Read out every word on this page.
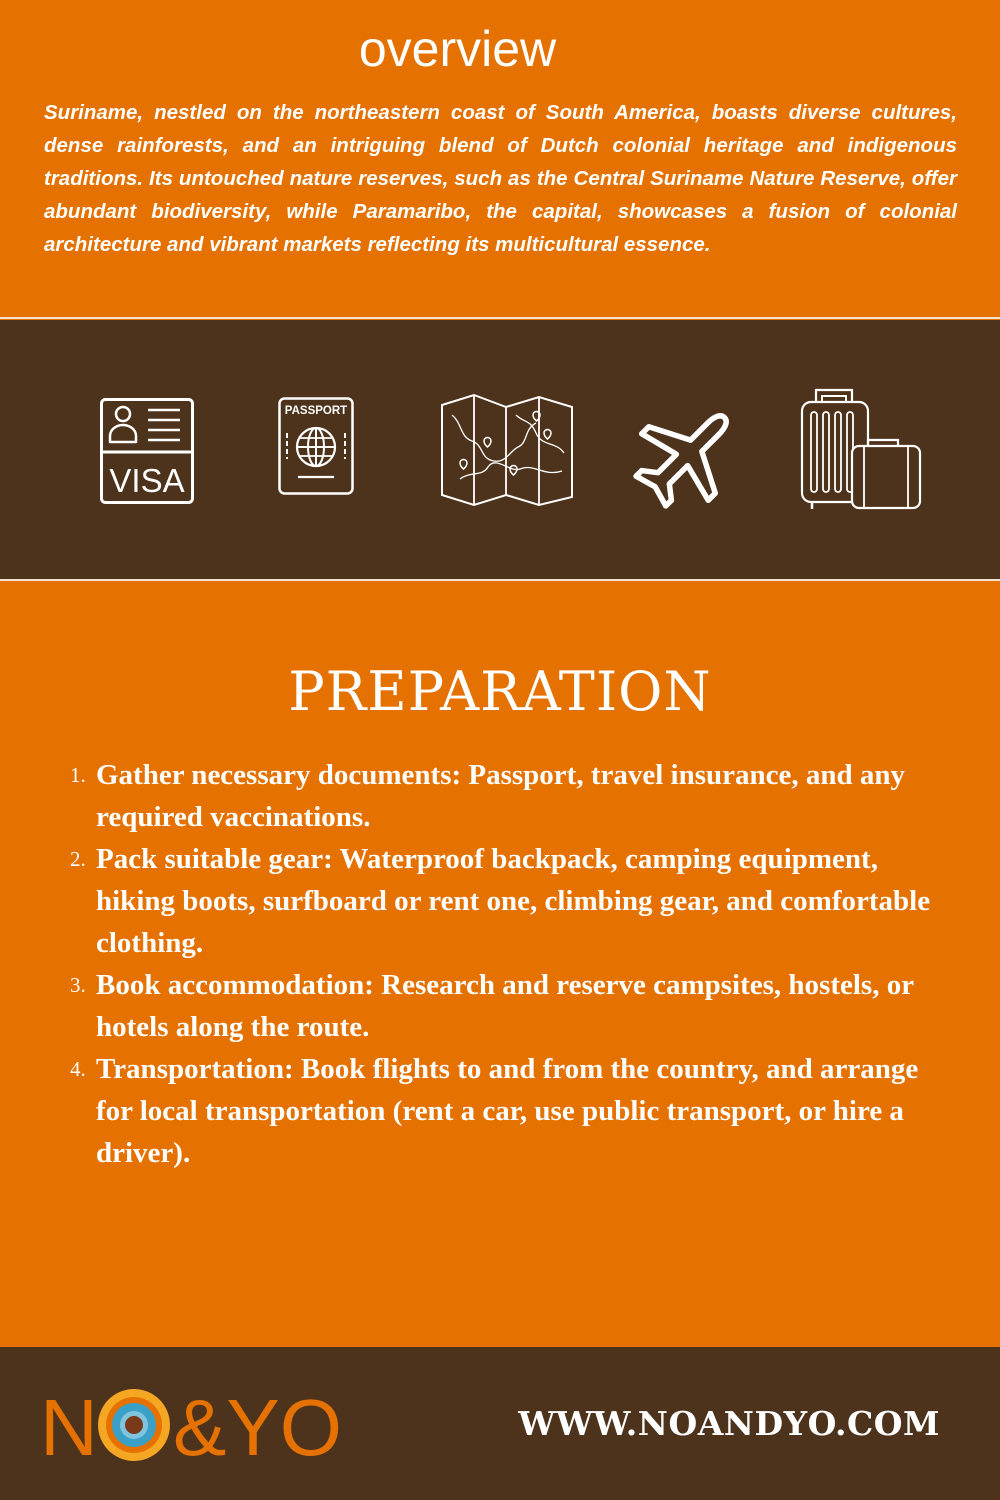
overview

Suriname, nestled on the northeastern coast of South America, boasts diverse cultures, dense rainforests, and an intriguing blend of Dutch colonial heritage and indigenous traditions. Its untouched nature reserves, such as the Central Suriname Nature Reserve, offer abundant biodiversity, while Paramaribo, the capital, showcases a fusion of colonial architecture and vibrant markets reflecting its multicultural essence.

VISA
PASSPORT
PREPARATION
1. Gather necessary documents: Passport, travel insurance, and any required vaccinations.
2. Pack suitable gear: Waterproof backpack, camping equipment, hiking boots, surfboard or rent one, climbing gear, and comfortable clothing.
3. Book accommodation: Research and reserve campsites, hostels, or hotels along the route.
4. Transportation: Book flights to and from the country, and arrange for local transportation (rent a car, use public transport, or hire a driver).
N &YO	WWW.NOANDYO.COM
